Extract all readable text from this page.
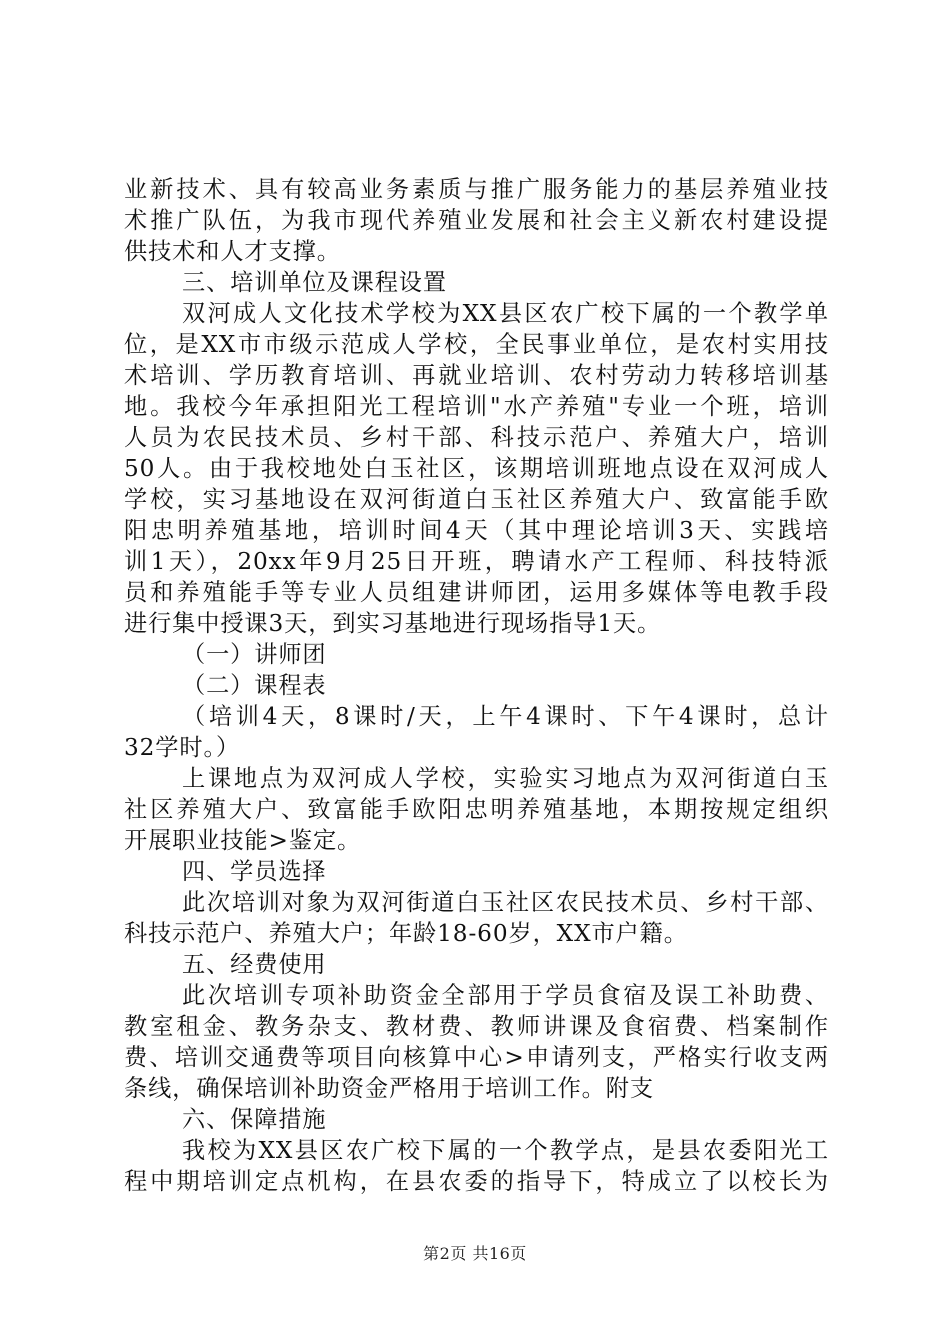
业新技术、具有较高业务素质与推广服务能力的基层养殖业技
术推广队伍，为我市现代养殖业发展和社会主义新农村建设提
供技术和人才支撑。
三、培训单位及课程设置
双河成人文化技术学校为XX县区农广校下属的一个教学单
位，是XX市市级示范成人学校，全民事业单位，是农村实用技
术培训、学历教育培训、再就业培训、农村劳动力转移培训基
地。我校今年承担阳光工程培训"水产养殖"专业一个班，培训
人员为农民技术员、乡村干部、科技示范户、养殖大户，培训
50人。由于我校地处白玉社区，该期培训班地点设在双河成人
学校，实习基地设在双河街道白玉社区养殖大户、致富能手欧
阳忠明养殖基地，培训时间4天（其中理论培训3天、实践培
训1天），20xx年9月25日开班，聘请水产工程师、科技特派
员和养殖能手等专业人员组建讲师团，运用多媒体等电教手段
进行集中授课3天，到实习基地进行现场指导1天。
（一）讲师团
（二）课程表
（培训4天，8课时/天，上午4课时、下午4课时，总计
32学时。）
上课地点为双河成人学校，实验实习地点为双河街道白玉
社区养殖大户、致富能手欧阳忠明养殖基地，本期按规定组织
开展职业技能>鉴定。
四、学员选择
此次培训对象为双河街道白玉社区农民技术员、乡村干部、
科技示范户、养殖大户；年龄18-60岁，XX市户籍。
五、经费使用
此次培训专项补助资金全部用于学员食宿及误工补助费、
教室租金、教务杂支、教材费、教师讲课及食宿费、档案制作
费、培训交通费等项目向核算中心>申请列支，严格实行收支两
条线，确保培训补助资金严格用于培训工作。附支
六、保障措施
我校为XX县区农广校下属的一个教学点，是县农委阳光工
程中期培训定点机构，在县农委的指导下，特成立了以校长为
第2页 共16页
